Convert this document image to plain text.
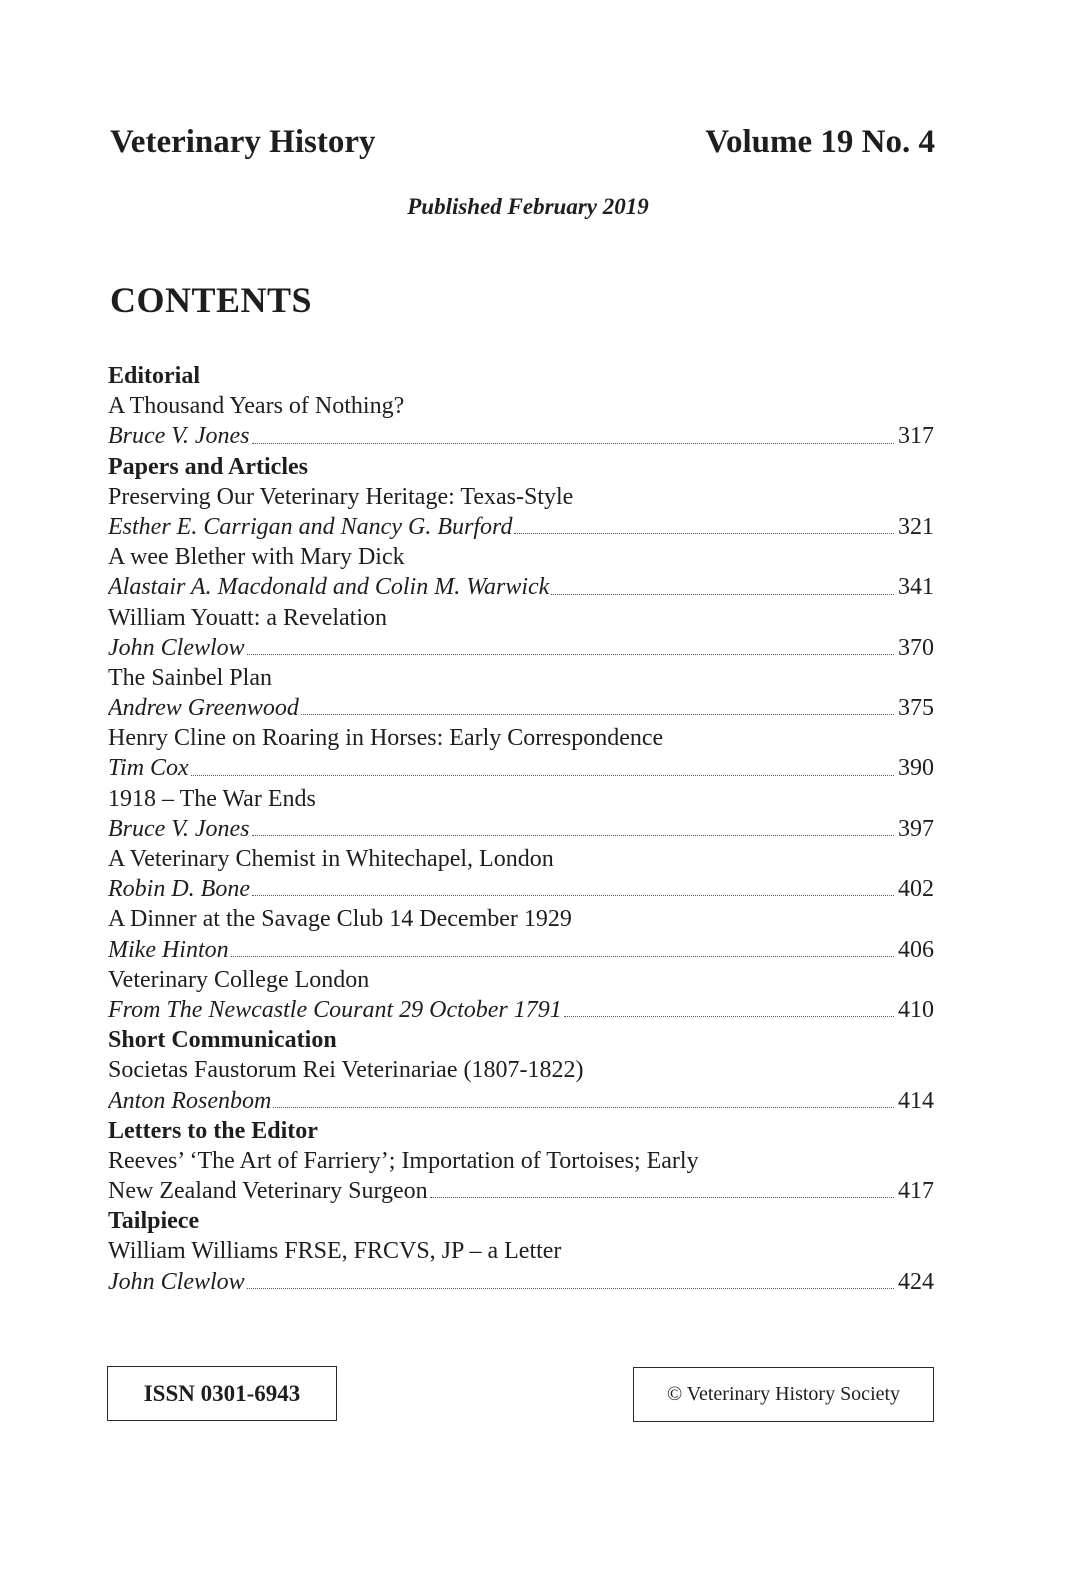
Veterinary History	Volume 19 No. 4
Published February 2019
CONTENTS
Editorial
A Thousand Years of Nothing?
Bruce V. Jones	317
Papers and Articles
Preserving Our Veterinary Heritage: Texas-Style
Esther E. Carrigan and Nancy G. Burford	321
A wee Blether with Mary Dick
Alastair A. Macdonald and Colin M. Warwick	341
William Youatt: a Revelation
John Clewlow	370
The Sainbel Plan
Andrew Greenwood	375
Henry Cline on Roaring in Horses: Early Correspondence
Tim Cox	390
1918 – The War Ends
Bruce V. Jones	397
A Veterinary Chemist in Whitechapel, London
Robin D. Bone	402
A Dinner at the Savage Club 14 December 1929
Mike Hinton	406
Veterinary College London
From The Newcastle Courant 29 October 1791	410
Short Communication
Societas Faustorum Rei Veterinariae (1807-1822)
Anton Rosenbom	414
Letters to the Editor
Reeves’ ‘The Art of Farriery’; Importation of Tortoises; Early
New Zealand Veterinary Surgeon	417
Tailpiece
William Williams FRSE, FRCVS, JP – a Letter
John Clewlow	424
ISSN 0301-6943	© Veterinary History Society
